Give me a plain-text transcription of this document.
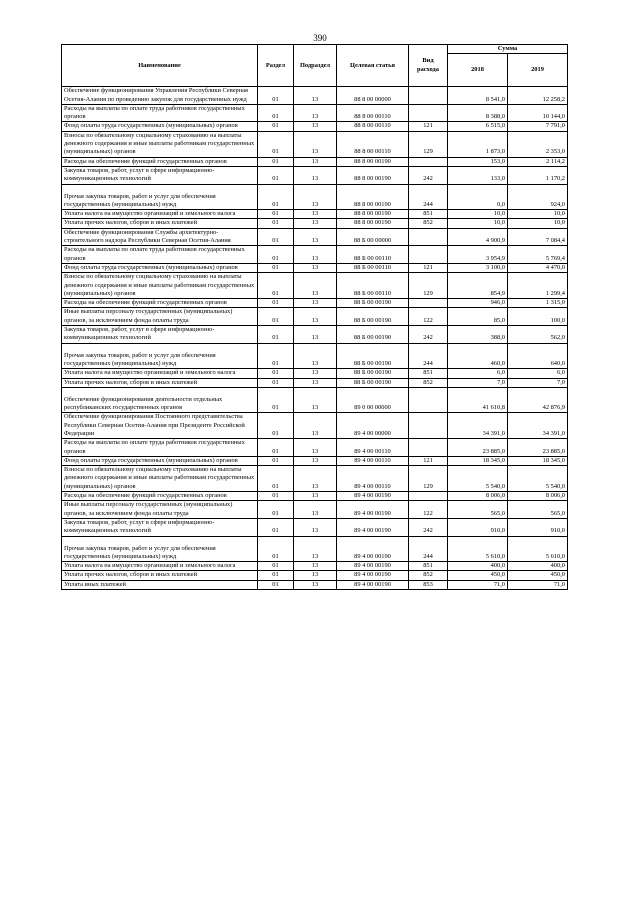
390
Наименование	Раздел	Подраздел	Целевая статья	Вид расхода	Сумма	
					2018	2019
Обеспечение функционирования Управления Республики Северная Осетия-Алания по проведению закупок для государственных нужд	01	13	88 8 00 00000		8 541,0	12 258,2
Расходы на выплаты по оплате труда работников государственных органов	01	13	88 8 00 00110		8 388,0	10 144,0
Фонд оплаты труда государственных (муниципальных) органов	01	13	88 8 00 00110	121	6 515,0	7 791,0
Взносы по обязательному социальному страхованию на выплаты денежного содержания и иные выплаты работникам государственных (муниципальных) органов	01	13	88 8 00 00110	129	1 873,0	2 353,0
Расходы на обеспечение функций государственных органов	01	13	88 8 00 00190		153,0	2 114,2
Закупка товаров, работ, услуг в сфере информационно-коммуникационных технологий	01	13	88 8 00 00190	242	133,0	1 170,2
Прочая закупка товаров, работ и услуг для обеспечения государственных (муниципальных) нужд	01	13	88 8 00 00190	244	0,0	924,0
Уплата налога на имущество организаций и земельного налога	01	13	88 8 00 00190	851	10,0	10,0
Уплата прочих налогов, сборов и иных платежей	01	13	88 8 00 00190	852	10,0	10,0
Обеспечение функционирования Службы архитектурно-строительного надзора Республики Северная Осетия-Алания	01	13	88 Б 00 00000		4 900,9	7 084,4
Расходы на выплаты по оплате труда работников государственных органов	01	13	88 Б 00 00110		3 954,9	5 769,4
Фонд оплаты труда государственных (муниципальных) органов	01	13	88 Б 00 00110	121	3 100,0	4 470,0
Взносы по обязательному социальному страхованию на выплаты денежного содержания и иные выплаты работникам государственных (муниципальных) органов	01	13	88 Б 00 00110	129	854,9	1 299,4
Расходы на обеспечение функций государственных органов	01	13	88 Б 00 00190		946,0	1 315,0
Иные выплаты персоналу государственных (муниципальных) органов, за исключением фонда оплаты труда	01	13	88 Б 00 00190	122	85,0	100,0
Закупка товаров, работ, услуг в сфере информационно-коммуникационных технологий	01	13	88 Б 00 00190	242	388,0	562,0
Прочая закупка товаров, работ и услуг для обеспечения государственных (муниципальных) нужд	01	13	88 Б 00 00190	244	460,0	640,0
Уплата налога на имущество организаций и земельного налога	01	13	88 Б 00 00190	851	6,0	6,0
Уплата прочих налогов, сборов и иных платежей	01	13	88 Б 00 00190	852	7,0	7,0
Обеспечение функционирования деятельности отдельных республиканских государственных органов	01	13	89 0 00 00000		41 610,8	42 876,9
Обеспечение функционирования Постоянного представительства Республики Северная Осетия-Алания при Президенте Российской Федерации	01	13	89 4 00 00000		34 391,0	34 391,0
Расходы на выплаты по оплате труда работников государственных органов	01	13	89 4 00 00110		23 885,0	23 885,0
Фонд оплаты труда государственных (муниципальных) органов	01	13	89 4 00 00110	121	18 345,0	18 345,0
Взносы по обязательному социальному страхованию на выплаты денежного содержания и иные выплаты работникам государственных (муниципальных) органов	01	13	89 4 00 00110	129	5 540,0	5 540,0
Расходы на обеспечение функций государственных органов	01	13	89 4 00 00190		8 006,0	8 006,0
Иные выплаты персоналу государственных (муниципальных) органов, за исключением фонда оплаты труда	01	13	89 4 00 00190	122	565,0	565,0
Закупка товаров, работ, услуг в сфере информационно-коммуникационных технологий	01	13	89 4 00 00190	242	910,0	910,0
Прочая закупка товаров, работ и услуг для обеспечения государственных (муниципальных) нужд	01	13	89 4 00 00190	244	5 610,0	5 610,0
Уплата налога на имущество организаций и земельного налога	01	13	89 4 00 00190	851	400,0	400,0
Уплата прочих налогов, сборов и иных платежей	01	13	89 4 00 00190	852	450,0	450,0
Уплата иных платежей	01	13	89 4 00 00190	853	71,0	71,0
